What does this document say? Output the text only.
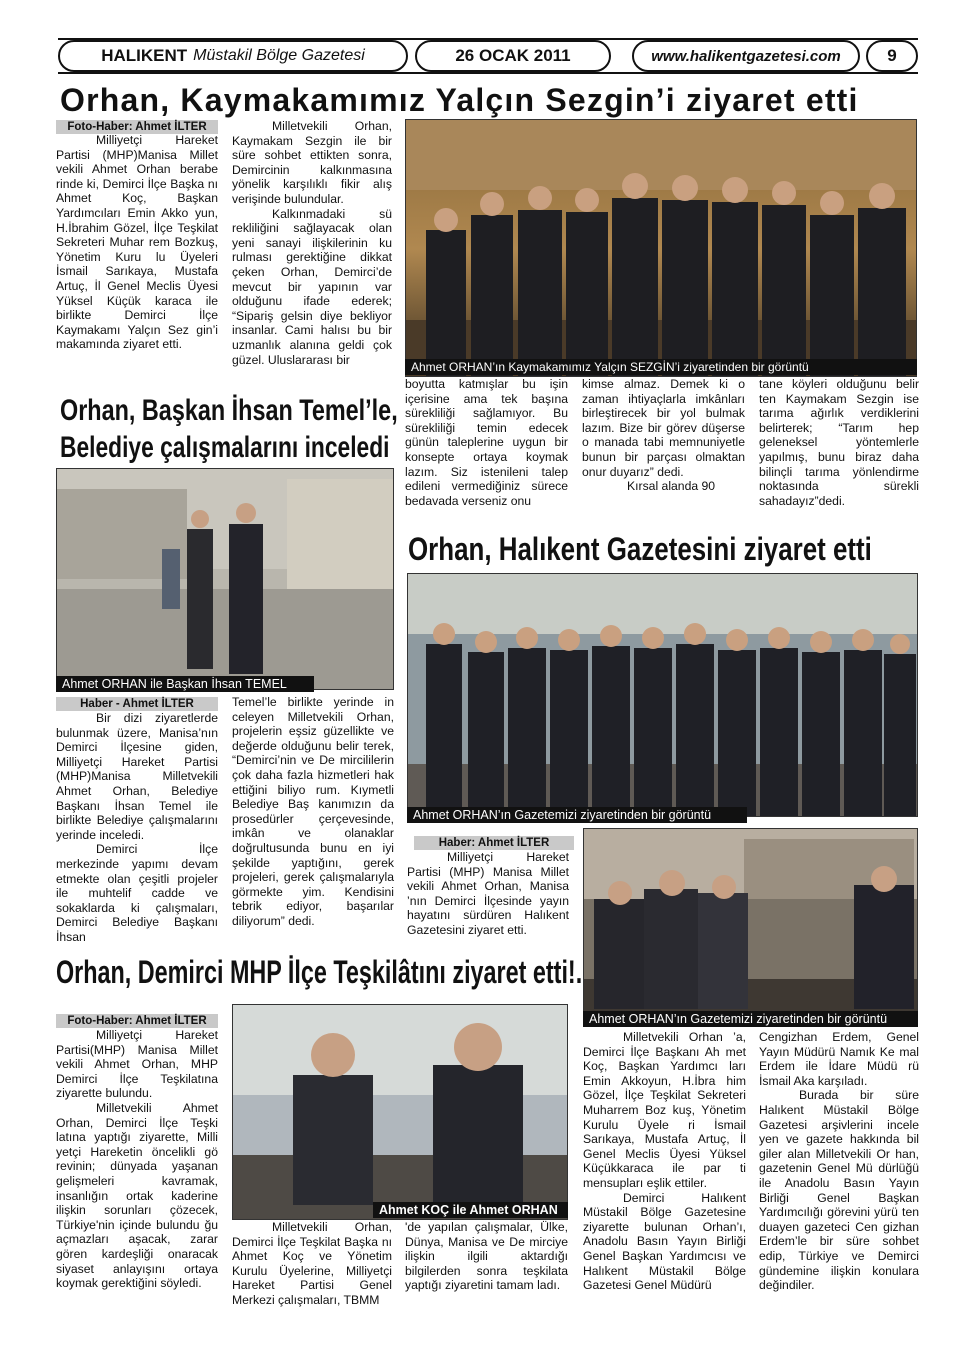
HALIKENT Müstakil Bölge Gazetesi	26 OCAK 2011	www.halikentgazetesi.com	9
Orhan, Kaymakamımız Yalçın Sezgin’i ziyaret etti
Foto-Haber: Ahmet İLTER

Milliyetçi Hareket Partisi (MHP)Manisa Millet vekili Ahmet Orhan berabe rinde ki, Demirci İlçe Başka nı Ahmet Koç, Başkan Yardımcıları Emin Akko yun, H.İbrahim Gözel, İlçe Teşkilat Sekreteri Muhar rem Bozkuş, Yönetim Kuru lu Üyeleri İsmail Sarıkaya, Mustafa Artuç, İl Genel Meclis Üyesi Yüksel Küçük karaca ile birlikte Demirci İlçe Kaymakamı Yalçın Sez gin’i makamında ziyaret etti.

Milletvekili Orhan, Kaymakam Sezgin ile bir süre sohbet ettikten sonra, Demircinin kalkınmasına yönelik karşılıklı fikir alış verişinde bulundular.

Kalkınmadaki sü rekliliğini sağlayacak olan yeni sanayi ilişkilerinin ku rulması gerektiğine dikkat çeken Orhan, Demirci’de mevcut bir yapının var olduğunu ifade ederek; “Sipariş gelsin diye bekliyor insanlar. Cami halısı bu bir uzmanlık alanına geldi çok güzel. Uluslararası bir

Ahmet ORHAN’ın Kaymakamımız Yalçın SEZGİN’i ziyaretinden bir görüntü

boyutta katmışlar bu işin içerisine ama tek başına sürekliliği sağlamıyor. Bu sürekliliği temin edecek günün taleplerine uygun bir konsepte ortaya koymak lazım. Siz istenileni talep edileni vermediğiniz sürece bedavada verseniz onu

kimse almaz. Demek ki o zaman ihtiyaçlarla imkânları birleştirecek bir yol bulmak lazım. Bize bir görev düşerse o manada tabi memnuniyetle bunun bir parçası olmaktan onur duyarız” dedi.

Kırsal alanda 90

tane köyleri olduğunu belir ten Kaymakam Sezgin ise tarıma ağırlık verdiklerini belirterek; “Tarım hep geleneksel yöntemlerle yapılmış, bunu biraz daha bilinçli tarıma yönlendirme noktasında sürekli sahadayız”dedi.

Orhan, Başkan İhsan Temel’le,
Belediye çalışmalarını inceledi
Ahmet ORHAN ile Başkan İhsan TEMEL
Haber - Ahmet İLTER

Bir dizi ziyaretlerde bulunmak üzere, Manisa’nın Demirci İlçesine giden, Milliyetçi Hareket Partisi (MHP)Manisa Milletvekili Ahmet Orhan, Belediye Başkanı İhsan Temel ile birlikte Belediye çalışmalarını yerinde inceledi.

Demirci İlçe merkezinde yapımı devam etmekte olan çeşitli projeler ile muhtelif cadde ve sokaklarda ki çalışmaları, Demirci Belediye Başkanı İhsan

Temel’le birlikte yerinde in celeyen Milletvekili Orhan, projelerin eşsiz güzellikte ve değerde olduğunu belir terek, “Demirci’nin ve De mircililerin çok daha fazla hizmetleri hak ettiğini biliyo rum. Kıymetli Belediye Baş kanımızın da prosedürler çerçevesinde, imkân ve olanaklar doğrultusunda bunu en iyi şekilde yaptığını, gerek projeleri, gerek çalışmalarıyla görmekte yim. Kendisini tebrik ediyor, başarılar diliyorum” dedi.

Orhan, Halıkent Gazetesini ziyaret etti
Ahmet ORHAN’ın Gazetemizi ziyaretinden bir görüntü
Haber: Ahmet İLTER

Milliyetçi Hareket Partisi (MHP) Manisa Millet vekili Ahmet Orhan, Manisa ’nın Demirci İlçesinde yayın hayatını sürdüren Halıkent Gazetesini ziyaret etti.

Ahmet ORHAN’ın Gazetemizi ziyaretinden bir görüntü

Milletvekili Orhan ’a, Demirci İlçe Başkanı Ah met Koç, Başkan Yardımcı ları Emin Akkoyun, H.İbra him Gözel, İlçe Teşkilat Sekreteri Muharrem Boz kuş, Yönetim Kurulu Üyele ri İsmail Sarıkaya, Mustafa Artuç, İl Genel Meclis Üyesi Yüksel Küçükkaraca ile par ti mensupları eşlik ettiler.

Demirci Halıkent Müstakil Bölge Gazetesine ziyarette bulunan Orhan’ı, Anadolu Basın Yayın Birliği Genel Başkan Yardımcısı ve Halıkent Müstakil Bölge Gazetesi Genel Müdürü

Cengizhan Erdem, Genel Yayın Müdürü Namık Ke mal Erdem ile İdare Müdü rü İsmail Aka karşıladı.

Burada bir süre Halıkent Müstakil Bölge Gazetesi arşivlerini incele yen ve gazete hakkında bil giler alan Milletvekili Or han, gazetenin Genel Mü dürlüğü ile Anadolu Basın Yayın Birliği Genel Başkan Yardımcılığı görevini yürü ten duayen gazeteci Cen gizhan Erdem’le bir süre sohbet edip, Türkiye ve Demirci gündemine ilişkin konulara değindiler.

Orhan, Demirci MHP İlçe Teşkilâtını ziyaret etti!.
Foto-Haber: Ahmet İLTER

Milliyetçi Hareket Partisi(MHP) Manisa Millet vekili Ahmet Orhan, MHP Demirci İlçe Teşkilatına ziyarette bulundu.

Milletvekili Ahmet Orhan, Demirci İlçe Teşki latına yaptığı ziyarette, Milli yetçi Hareketin öncelikli gö revinin; dünyada yaşanan gelişmeleri kavramak, insanlığın ortak kaderine ilişkin sorunları çözecek, Türkiye'nin içinde bulundu ğu açmazları aşacak, zarar gören kardeşliği onaracak siyaset anlayışını ortaya koymak gerektiğini söyledi.

Ahmet KOÇ ile Ahmet ORHAN

Milletvekili Orhan, Demirci İlçe Teşkilat Başka nı Ahmet Koç ve Yönetim Kurulu Üyelerine, Milliyetçi Hareket Partisi Genel Merkezi çalışmaları, TBMM

'de yapılan çalışmalar, Ülke, Dünya, Manisa ve De mirciye ilişkin ilgili aktardığı bilgilerden sonra teşkilata yaptığı ziyaretini tamam ladı.
